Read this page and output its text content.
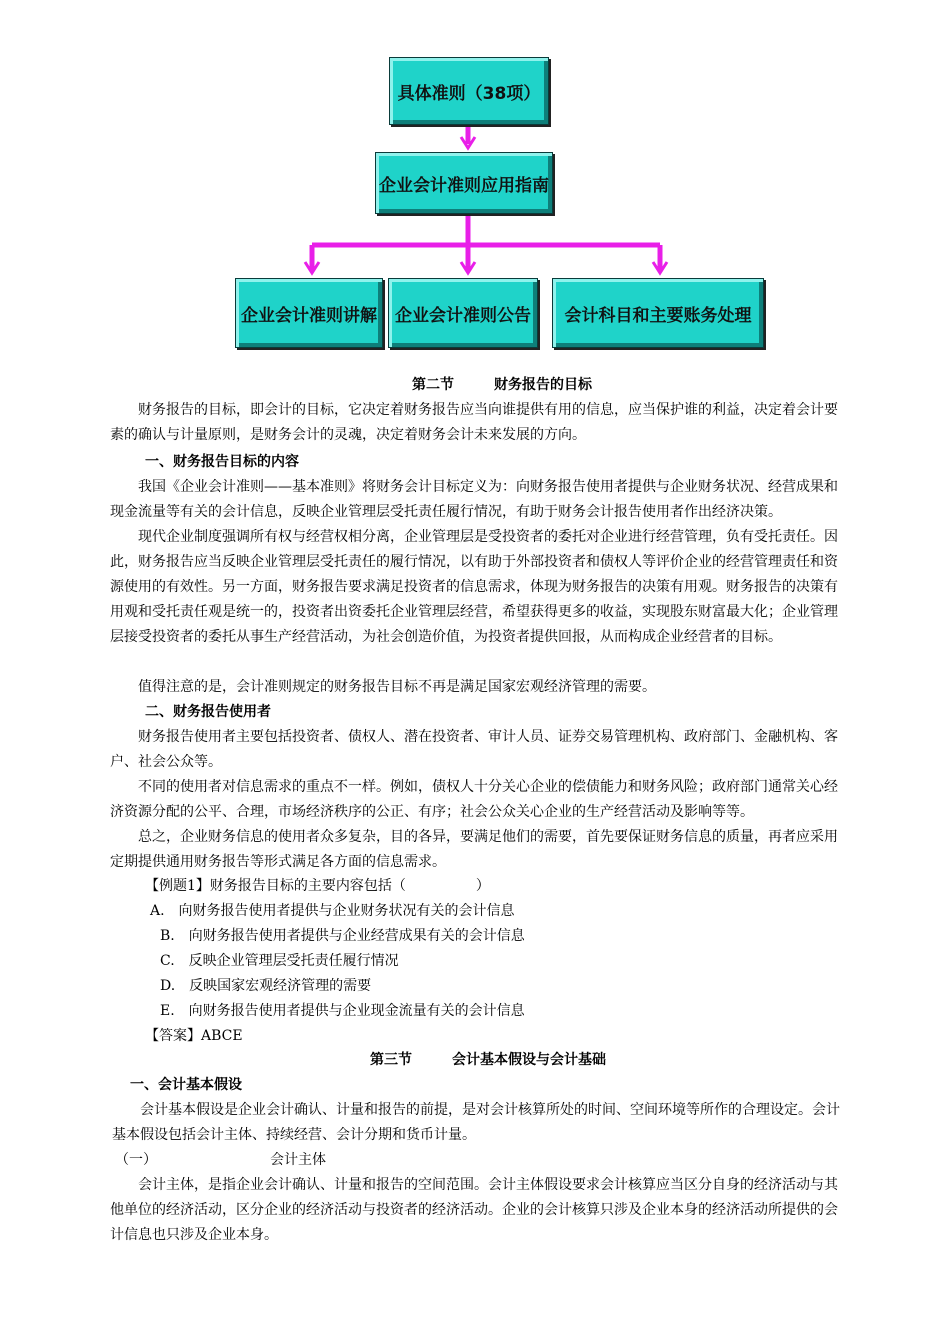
具体准则（38项）
企业会计准则应用指南
企业会计准则讲解	企业会计准则公告	会计科目和主要账务处理
第二节	财务报告的目标
财务报告的目标，即会计的目标，它决定着财务报告应当向谁提供有用的信息，应当保护谁的利益，决定着会计要素的确认与计量原则，是财务会计的灵魂，决定着财务会计未来发展的方向。
一、财务报告目标的内容
我国《企业会计准则——基本准则》将财务会计目标定义为：向财务报告使用者提供与企业财务状况、经营成果和现金流量等有关的会计信息，反映企业管理层受托责任履行情况，有助于财务会计报告使用者作出经济决策。
现代企业制度强调所有权与经营权相分离，企业管理层是受投资者的委托对企业进行经营管理，负有受托责任。因此，财务报告应当反映企业管理层受托责任的履行情况，以有助于外部投资者和债权人等评价企业的经营管理责任和资源使用的有效性。另一方面，财务报告要求满足投资者的信息需求，体现为财务报告的决策有用观。财务报告的决策有用观和受托责任观是统一的，投资者出资委托企业管理层经营，希望获得更多的收益，实现股东财富最大化；企业管理层接受投资者的委托从事生产经营活动，为社会创造价值，为投资者提供回报，从而构成企业经营者的目标。
值得注意的是，会计准则规定的财务报告目标不再是满足国家宏观经济管理的需要。
二、财务报告使用者
财务报告使用者主要包括投资者、债权人、潜在投资者、审计人员、证券交易管理机构、政府部门、金融机构、客户、社会公众等。
不同的使用者对信息需求的重点不一样。例如，债权人十分关心企业的偿债能力和财务风险；政府部门通常关心经济资源分配的公平、合理，市场经济秩序的公正、有序；社会公众关心企业的生产经营活动及影响等等。
总之，企业财务信息的使用者众多复杂，目的各异，要满足他们的需要，首先要保证财务信息的质量，再者应采用定期提供通用财务报告等形式满足各方面的信息需求。
【例题1】财务报告目标的主要内容包括（　　　　　）
A.　向财务报告使用者提供与企业财务状况有关的会计信息
B.　向财务报告使用者提供与企业经营成果有关的会计信息
C.　反映企业管理层受托责任履行情况
D.　反映国家宏观经济管理的需要
E.　向财务报告使用者提供与企业现金流量有关的会计信息
【答案】ABCE
第三节	会计基本假设与会计基础
一、会计基本假设
会计基本假设是企业会计确认、计量和报告的前提，是对会计核算所处的时间、空间环境等所作的合理设定。会计基本假设包括会计主体、持续经营、会计分期和货币计量。
（一）	会计主体
会计主体，是指企业会计确认、计量和报告的空间范围。会计主体假设要求会计核算应当区分自身的经济活动与其他单位的经济活动，区分企业的经济活动与投资者的经济活动。企业的会计核算只涉及企业本身的经济活动所提供的会计信息也只涉及企业本身。
